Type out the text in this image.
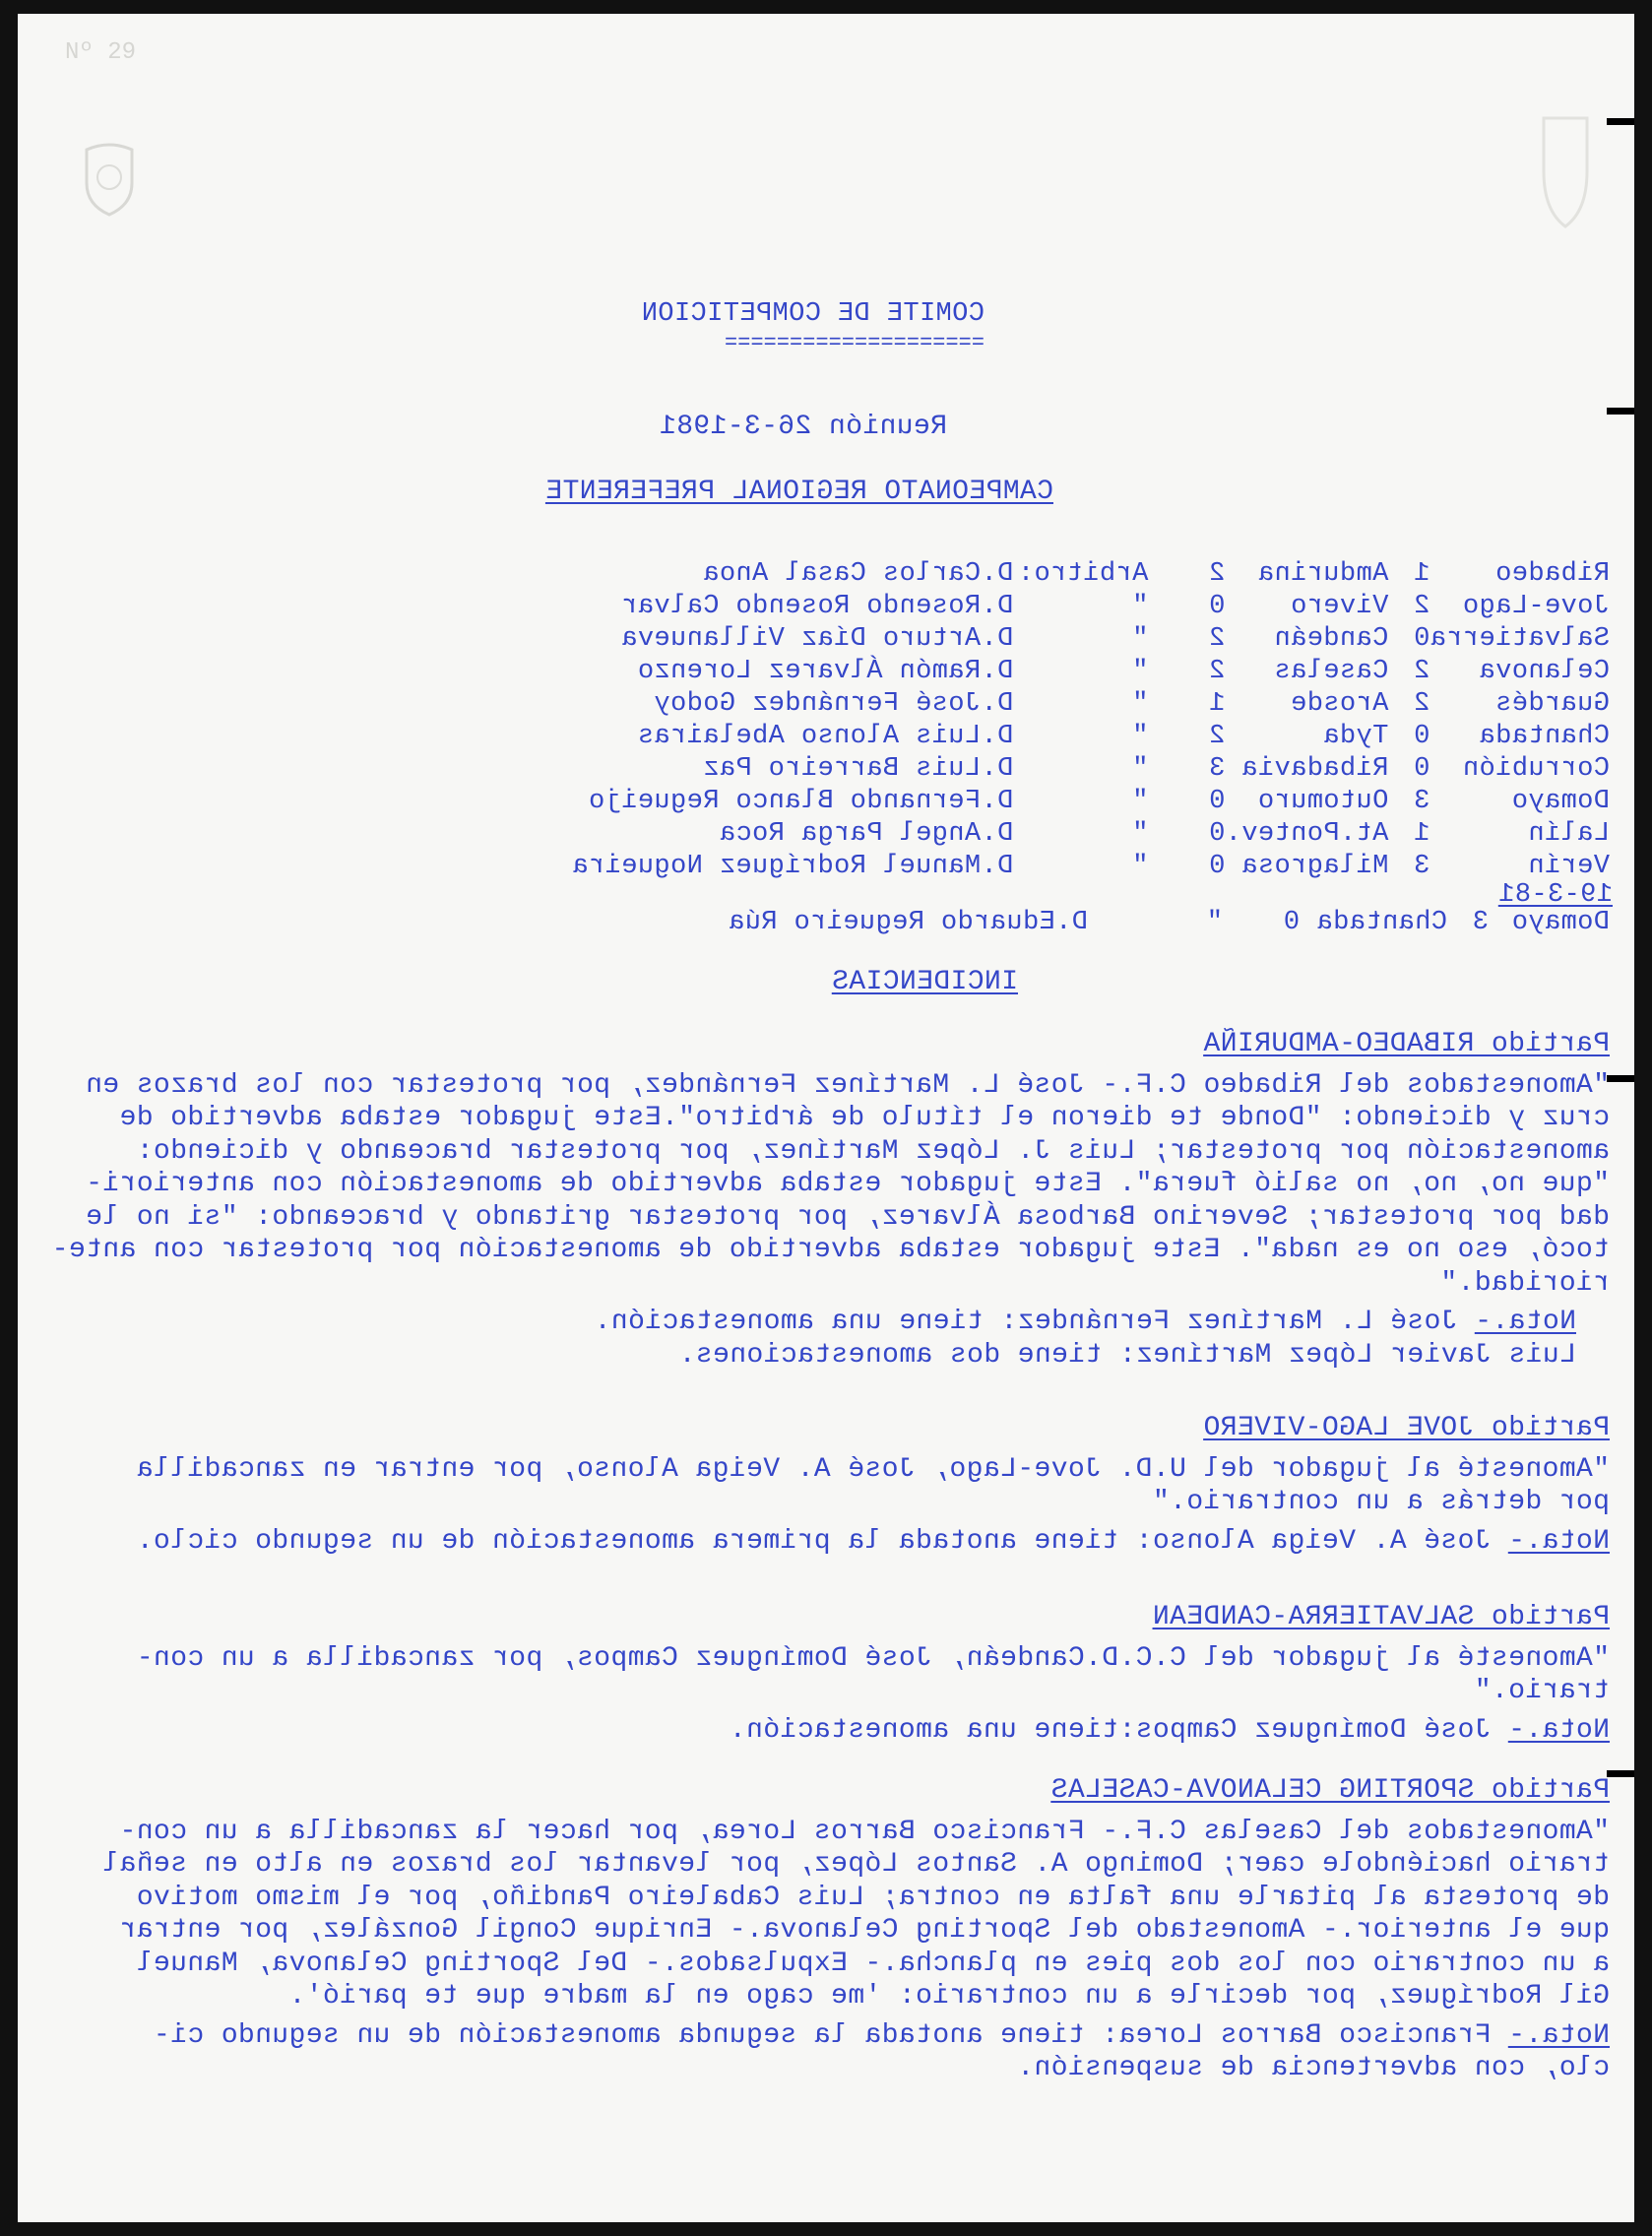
Nº 29
COMITE DE COMPETICION
====================
Reunión 26-3-1981
CAMPEONATO REGIONAL PREFERENTE
Ribadeo	1	Amdurina	2	Arbitro:	D.Carlos Casal Anoa
Jove-Lago	2	Vivero	0	"	D.Rosendo Rosendo Calvar
Salvatierra	0	Candeán	2	"	D.Arturo Díaz Villanueva
Celanova	2	Caselas	2	"	D.Ramón Álvarez Lorenzo
Guardés	2	Arosde	1	"	D.José Fernández Godoy
Chantada	0	Tyda	2	"	D.Luis Alonso Abelairas
Corrubión	0	Ribadavia	3	"	D.Luis Barreiro Paz
Domayo	3	Outomuro	0	"	D.Fernando Blanco Regueijo
Lalín	1	At.Pontev.	0	"	D.Angel Parga Roca
Verín	3	Milagrosa	0	"	D.Manuel Rodríguez Nogueira
19-3-81
Domayo	3	Chantada	0	"	D.Eduardo Regueiro Rúa
INCIDENCIAS
Partido RIBADEO-AMDURIÑA

"Amonestados del Ribadeo C.F.- José L. Martínez Fernández, por protestar con los brazos en

cruz y diciendo: "Donde te dieron el título de árbitro".Este jugador estaba advertido de

amonestación por protestar; Luis J. López Martínez, por protestar braceando y diciendo:

"que no, no, no salió fuera". Este jugador estaba advertido de amonestación con anteriori-

dad por protestar; Severino Barbosa Álvarez, por protestar gritando y braceando: "si no le

tocó, eso no es nada". Este jugador estaba advertido de amonestación por protestar con ante-

rioridad."

Nota.- José L. Martínez Fernández: tiene una amonestación.

Luis Javier López Martínez: tiene dos amonestaciones.

Partido JOVE LAGO-VIVERO

"Amonesté al jugador del U.D. Jove-Lago, José A. Veiga Alonso, por entrar en zancadilla

por detrás a un contrario."

Nota.- José A. Veiga Alonso: tiene anotada la primera amonestación de un segundo ciclo.

Partido SALVATIERRA-CANDEAN

"Amonesté al jugador del C.C.D.Candeán, José Domínguez Campos, por zancadilla a un con-

trario."

Nota.- José Domínguez Campos:tiene una amonestación.

Partido SPORTING CELANOVA-CASELAS

"Amonestados del Caselas C.F.- Francisco Barros Lorea, por hacer la zancadilla a un con-

trario haciéndole caer; Domingo A. Santos López, por levantar los brazos en alto en señal

de protesta al pitarle una falta en contra; Luis Cabaleiro Pandiño, por el mismo motivo

que el anterior.- Amonestado del Sporting Celanova.- Enrique Congil González, por entrar

a un contrario con los dos pies en plancha.- Expulsados.- Del Sporting Celanova, Manuel

Gil Rodríguez, por decirle a un contrario: 'me cago en la madre que te parió'.

Nota.- Francisco Barros Lorea: tiene anotada la segunda amonestación de un segundo ci-

clo, con advertencia de suspensión.
